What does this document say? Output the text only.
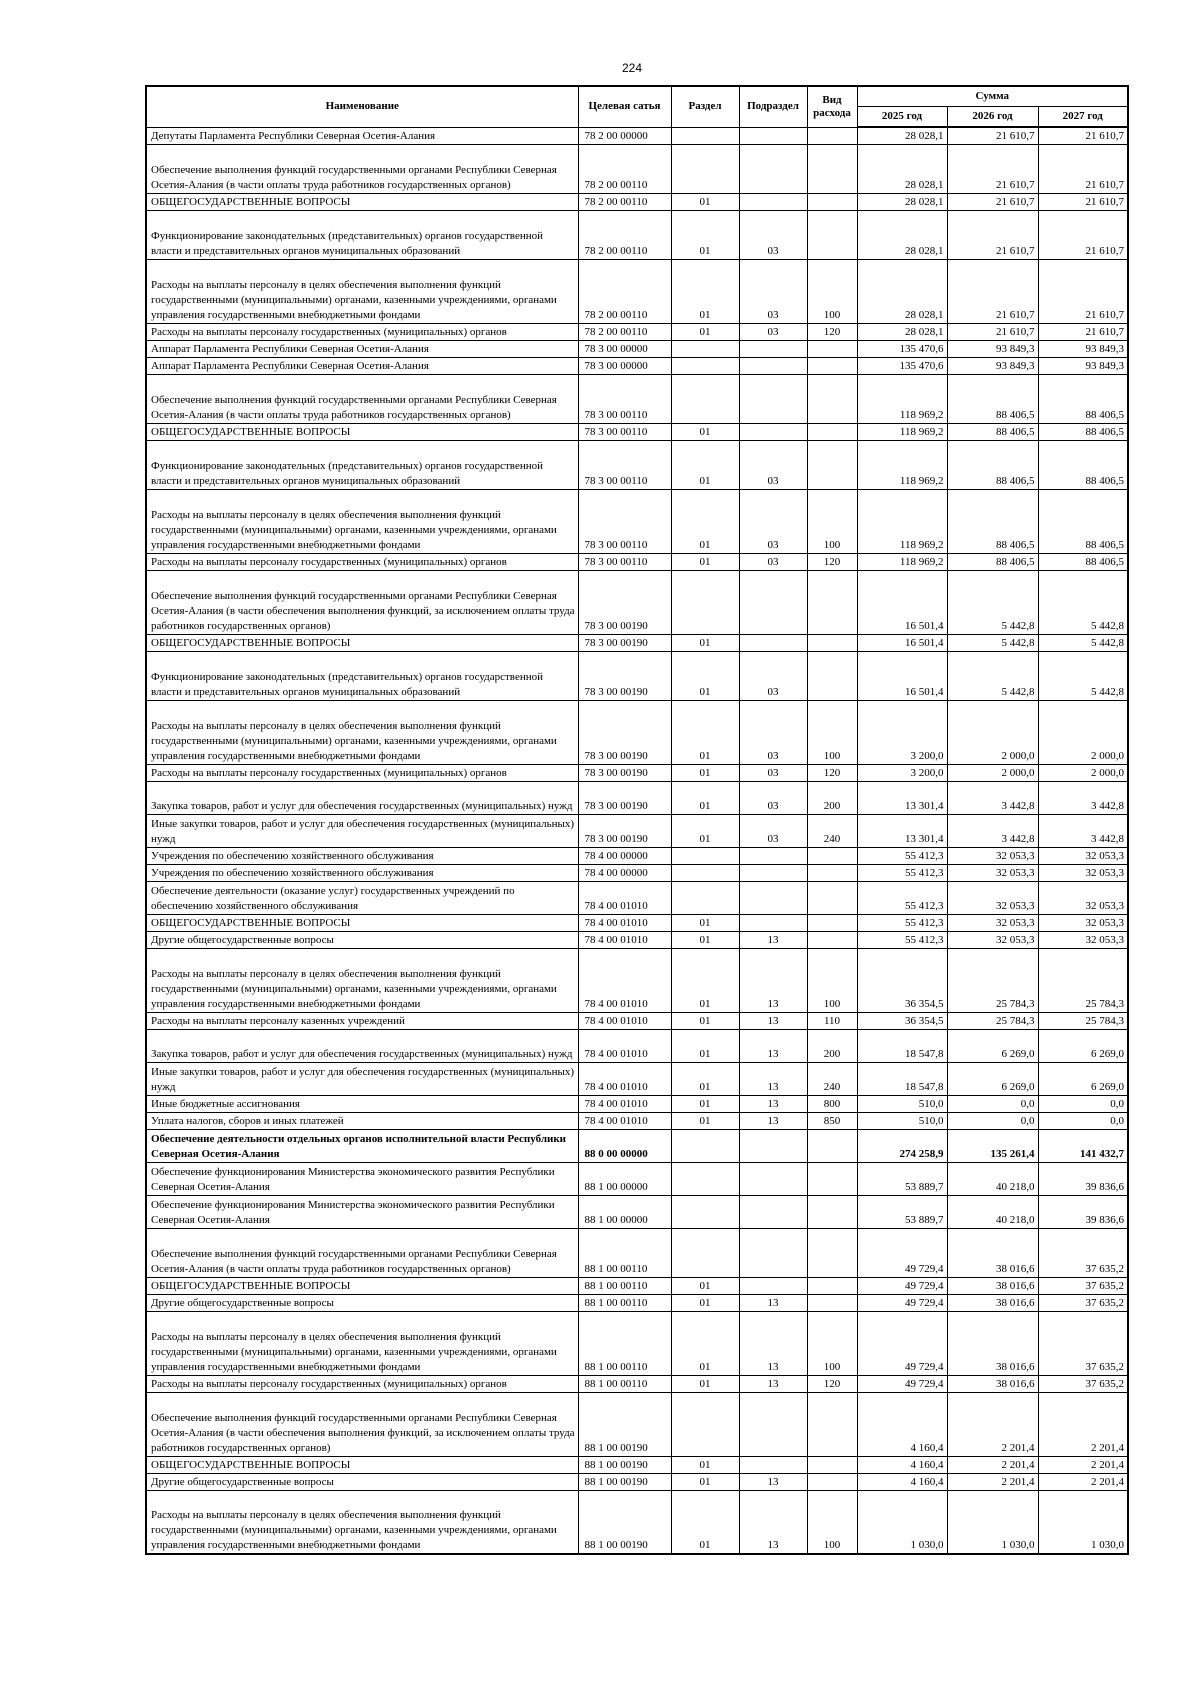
224
Наименование	Целевая сатья	Раздел	Подраздел	Вид расхода	Сумма		
					2025 год	2026 год	2027 год
Депутаты Парламента Республики Северная Осетия-Алания	78 2 00 00000				28 028,1	21 610,7	21 610,7
Обеспечение выполнения функций государственными органами Республики Северная Осетия-Алания (в части оплаты труда работников государственных органов)	78 2 00 00110				28 028,1	21 610,7	21 610,7
ОБЩЕГОСУДАРСТВЕННЫЕ ВОПРОСЫ	78 2 00 00110	01			28 028,1	21 610,7	21 610,7
Функционирование законодательных (представительных) органов государственной власти и представительных органов муниципальных образований	78 2 00 00110	01	03		28 028,1	21 610,7	21 610,7
Расходы на выплаты персоналу в целях обеспечения выполнения функций государственными (муниципальными) органами, казенными учреждениями, органами управления государственными внебюджетными фондами	78 2 00 00110	01	03	100	28 028,1	21 610,7	21 610,7
Расходы на выплаты персоналу государственных (муниципальных) органов	78 2 00 00110	01	03	120	28 028,1	21 610,7	21 610,7
Аппарат Парламента Республики Северная Осетия-Алания	78 3 00 00000				135 470,6	93 849,3	93 849,3
Аппарат Парламента Республики Северная Осетия-Алания	78 3 00 00000				135 470,6	93 849,3	93 849,3
Обеспечение выполнения функций государственными органами Республики Северная Осетия-Алания (в части оплаты труда работников государственных органов)	78 3 00 00110				118 969,2	88 406,5	88 406,5
ОБЩЕГОСУДАРСТВЕННЫЕ ВОПРОСЫ	78 3 00 00110	01			118 969,2	88 406,5	88 406,5
Функционирование законодательных (представительных) органов государственной власти и представительных органов муниципальных образований	78 3 00 00110	01	03		118 969,2	88 406,5	88 406,5
Расходы на выплаты персоналу в целях обеспечения выполнения функций государственными (муниципальными) органами, казенными учреждениями, органами управления государственными внебюджетными фондами	78 3 00 00110	01	03	100	118 969,2	88 406,5	88 406,5
Расходы на выплаты персоналу государственных (муниципальных) органов	78 3 00 00110	01	03	120	118 969,2	88 406,5	88 406,5
Обеспечение выполнения функций государственными органами Республики Северная Осетия-Алания (в части обеспечения выполнения функций, за исключением оплаты труда работников государственных органов)	78 3 00 00190				16 501,4	5 442,8	5 442,8
ОБЩЕГОСУДАРСТВЕННЫЕ ВОПРОСЫ	78 3 00 00190	01			16 501,4	5 442,8	5 442,8
Функционирование законодательных (представительных) органов государственной власти и представительных органов муниципальных образований	78 3 00 00190	01	03		16 501,4	5 442,8	5 442,8
Расходы на выплаты персоналу в целях обеспечения выполнения функций государственными (муниципальными) органами, казенными учреждениями, органами управления государственными внебюджетными фондами	78 3 00 00190	01	03	100	3 200,0	2 000,0	2 000,0
Расходы на выплаты персоналу государственных (муниципальных) органов	78 3 00 00190	01	03	120	3 200,0	2 000,0	2 000,0
Закупка товаров, работ и услуг для обеспечения государственных (муниципальных) нужд	78 3 00 00190	01	03	200	13 301,4	3 442,8	3 442,8
Иные закупки товаров, работ и услуг для обеспечения государственных (муниципальных) нужд	78 3 00 00190	01	03	240	13 301,4	3 442,8	3 442,8
Учреждения по обеспечению хозяйственного обслуживания	78 4 00 00000				55 412,3	32 053,3	32 053,3
Учреждения по обеспечению хозяйственного обслуживания	78 4 00 00000				55 412,3	32 053,3	32 053,3
Обеспечение деятельности (оказание услуг) государственных учреждений по обеспечению хозяйственного обслуживания	78 4 00 01010				55 412,3	32 053,3	32 053,3
ОБЩЕГОСУДАРСТВЕННЫЕ ВОПРОСЫ	78 4 00 01010	01			55 412,3	32 053,3	32 053,3
Другие общегосударственные вопросы	78 4 00 01010	01	13		55 412,3	32 053,3	32 053,3
Расходы на выплаты персоналу в целях обеспечения выполнения функций государственными (муниципальными) органами, казенными учреждениями, органами управления государственными внебюджетными фондами	78 4 00 01010	01	13	100	36 354,5	25 784,3	25 784,3
Расходы на выплаты персоналу казенных учреждений	78 4 00 01010	01	13	110	36 354,5	25 784,3	25 784,3
Закупка товаров, работ и услуг для обеспечения государственных (муниципальных) нужд	78 4 00 01010	01	13	200	18 547,8	6 269,0	6 269,0
Иные закупки товаров, работ и услуг для обеспечения государственных (муниципальных) нужд	78 4 00 01010	01	13	240	18 547,8	6 269,0	6 269,0
Иные бюджетные ассигнования	78 4 00 01010	01	13	800	510,0	0,0	0,0
Уплата налогов, сборов и иных платежей	78 4 00 01010	01	13	850	510,0	0,0	0,0
Обеспечение деятельности отдельных органов исполнительной власти Республики Северная Осетия-Алания	88 0 00 00000				274 258,9	135 261,4	141 432,7
Обеспечение функционирования Министерства экономического развития Республики Северная Осетия-Алания	88 1 00 00000				53 889,7	40 218,0	39 836,6
Обеспечение функционирования Министерства экономического развития Республики Северная Осетия-Алания	88 1 00 00000				53 889,7	40 218,0	39 836,6
Обеспечение выполнения функций государственными органами Республики Северная Осетия-Алания (в части оплаты труда работников государственных органов)	88 1 00 00110				49 729,4	38 016,6	37 635,2
ОБЩЕГОСУДАРСТВЕННЫЕ ВОПРОСЫ	88 1 00 00110	01			49 729,4	38 016,6	37 635,2
Другие общегосударственные вопросы	88 1 00 00110	01	13		49 729,4	38 016,6	37 635,2
Расходы на выплаты персоналу в целях обеспечения выполнения функций государственными (муниципальными) органами, казенными учреждениями, органами управления государственными внебюджетными фондами	88 1 00 00110	01	13	100	49 729,4	38 016,6	37 635,2
Расходы на выплаты персоналу государственных (муниципальных) органов	88 1 00 00110	01	13	120	49 729,4	38 016,6	37 635,2
Обеспечение выполнения функций государственными органами Республики Северная Осетия-Алания (в части обеспечения выполнения функций, за исключением оплаты труда работников государственных органов)	88 1 00 00190				4 160,4	2 201,4	2 201,4
ОБЩЕГОСУДАРСТВЕННЫЕ ВОПРОСЫ	88 1 00 00190	01			4 160,4	2 201,4	2 201,4
Другие общегосударственные вопросы	88 1 00 00190	01	13		4 160,4	2 201,4	2 201,4
Расходы на выплаты персоналу в целях обеспечения выполнения функций государственными (муниципальными) органами, казенными учреждениями, органами управления государственными внебюджетными фондами	88 1 00 00190	01	13	100	1 030,0	1 030,0	1 030,0
